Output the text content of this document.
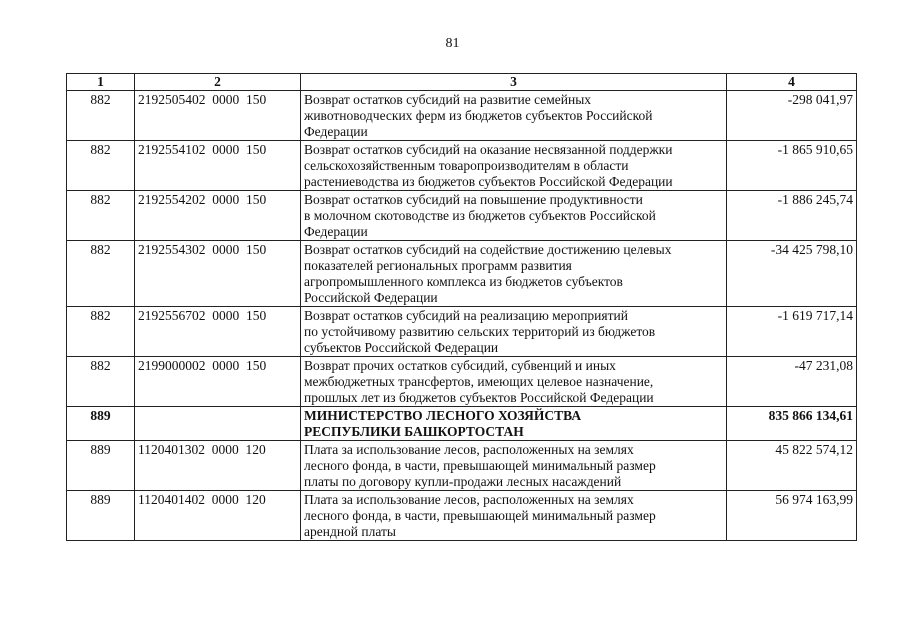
81
1	2	3	4
882	2192505402  0000  150	Возврат остатков субсидий на развитие семейных
животноводческих ферм из бюджетов субъектов Российской
Федерации	-298 041,97
882	2192554102  0000  150	Возврат остатков субсидий на оказание несвязанной поддержки
сельскохозяйственным товаропроизводителям в области
растениеводства из бюджетов субъектов Российской Федерации	-1 865 910,65
882	2192554202  0000  150	Возврат остатков субсидий на повышение продуктивности
в молочном скотоводстве из бюджетов субъектов Российской
Федерации	-1 886 245,74
882	2192554302  0000  150	Возврат остатков субсидий на содействие достижению целевых
показателей региональных программ развития
агропромышленного комплекса из бюджетов субъектов
Российской Федерации	-34 425 798,10
882	2192556702  0000  150	Возврат остатков субсидий на реализацию мероприятий
по устойчивому развитию сельских территорий из бюджетов
субъектов Российской Федерации	-1 619 717,14
882	2199000002  0000  150	Возврат прочих остатков субсидий, субвенций и иных
межбюджетных трансфертов, имеющих целевое назначение,
прошлых лет из бюджетов субъектов Российской Федерации	-47 231,08
889		МИНИСТЕРСТВО ЛЕСНОГО ХОЗЯЙСТВА
РЕСПУБЛИКИ БАШКОРТОСТАН	835 866 134,61
889	1120401302  0000  120	Плата за использование лесов, расположенных на землях
лесного фонда, в части, превышающей минимальный размер
платы по договору купли-продажи лесных насаждений	45 822 574,12
889	1120401402  0000  120	Плата за использование лесов, расположенных на землях
лесного фонда, в части, превышающей минимальный размер
арендной платы	56 974 163,99
